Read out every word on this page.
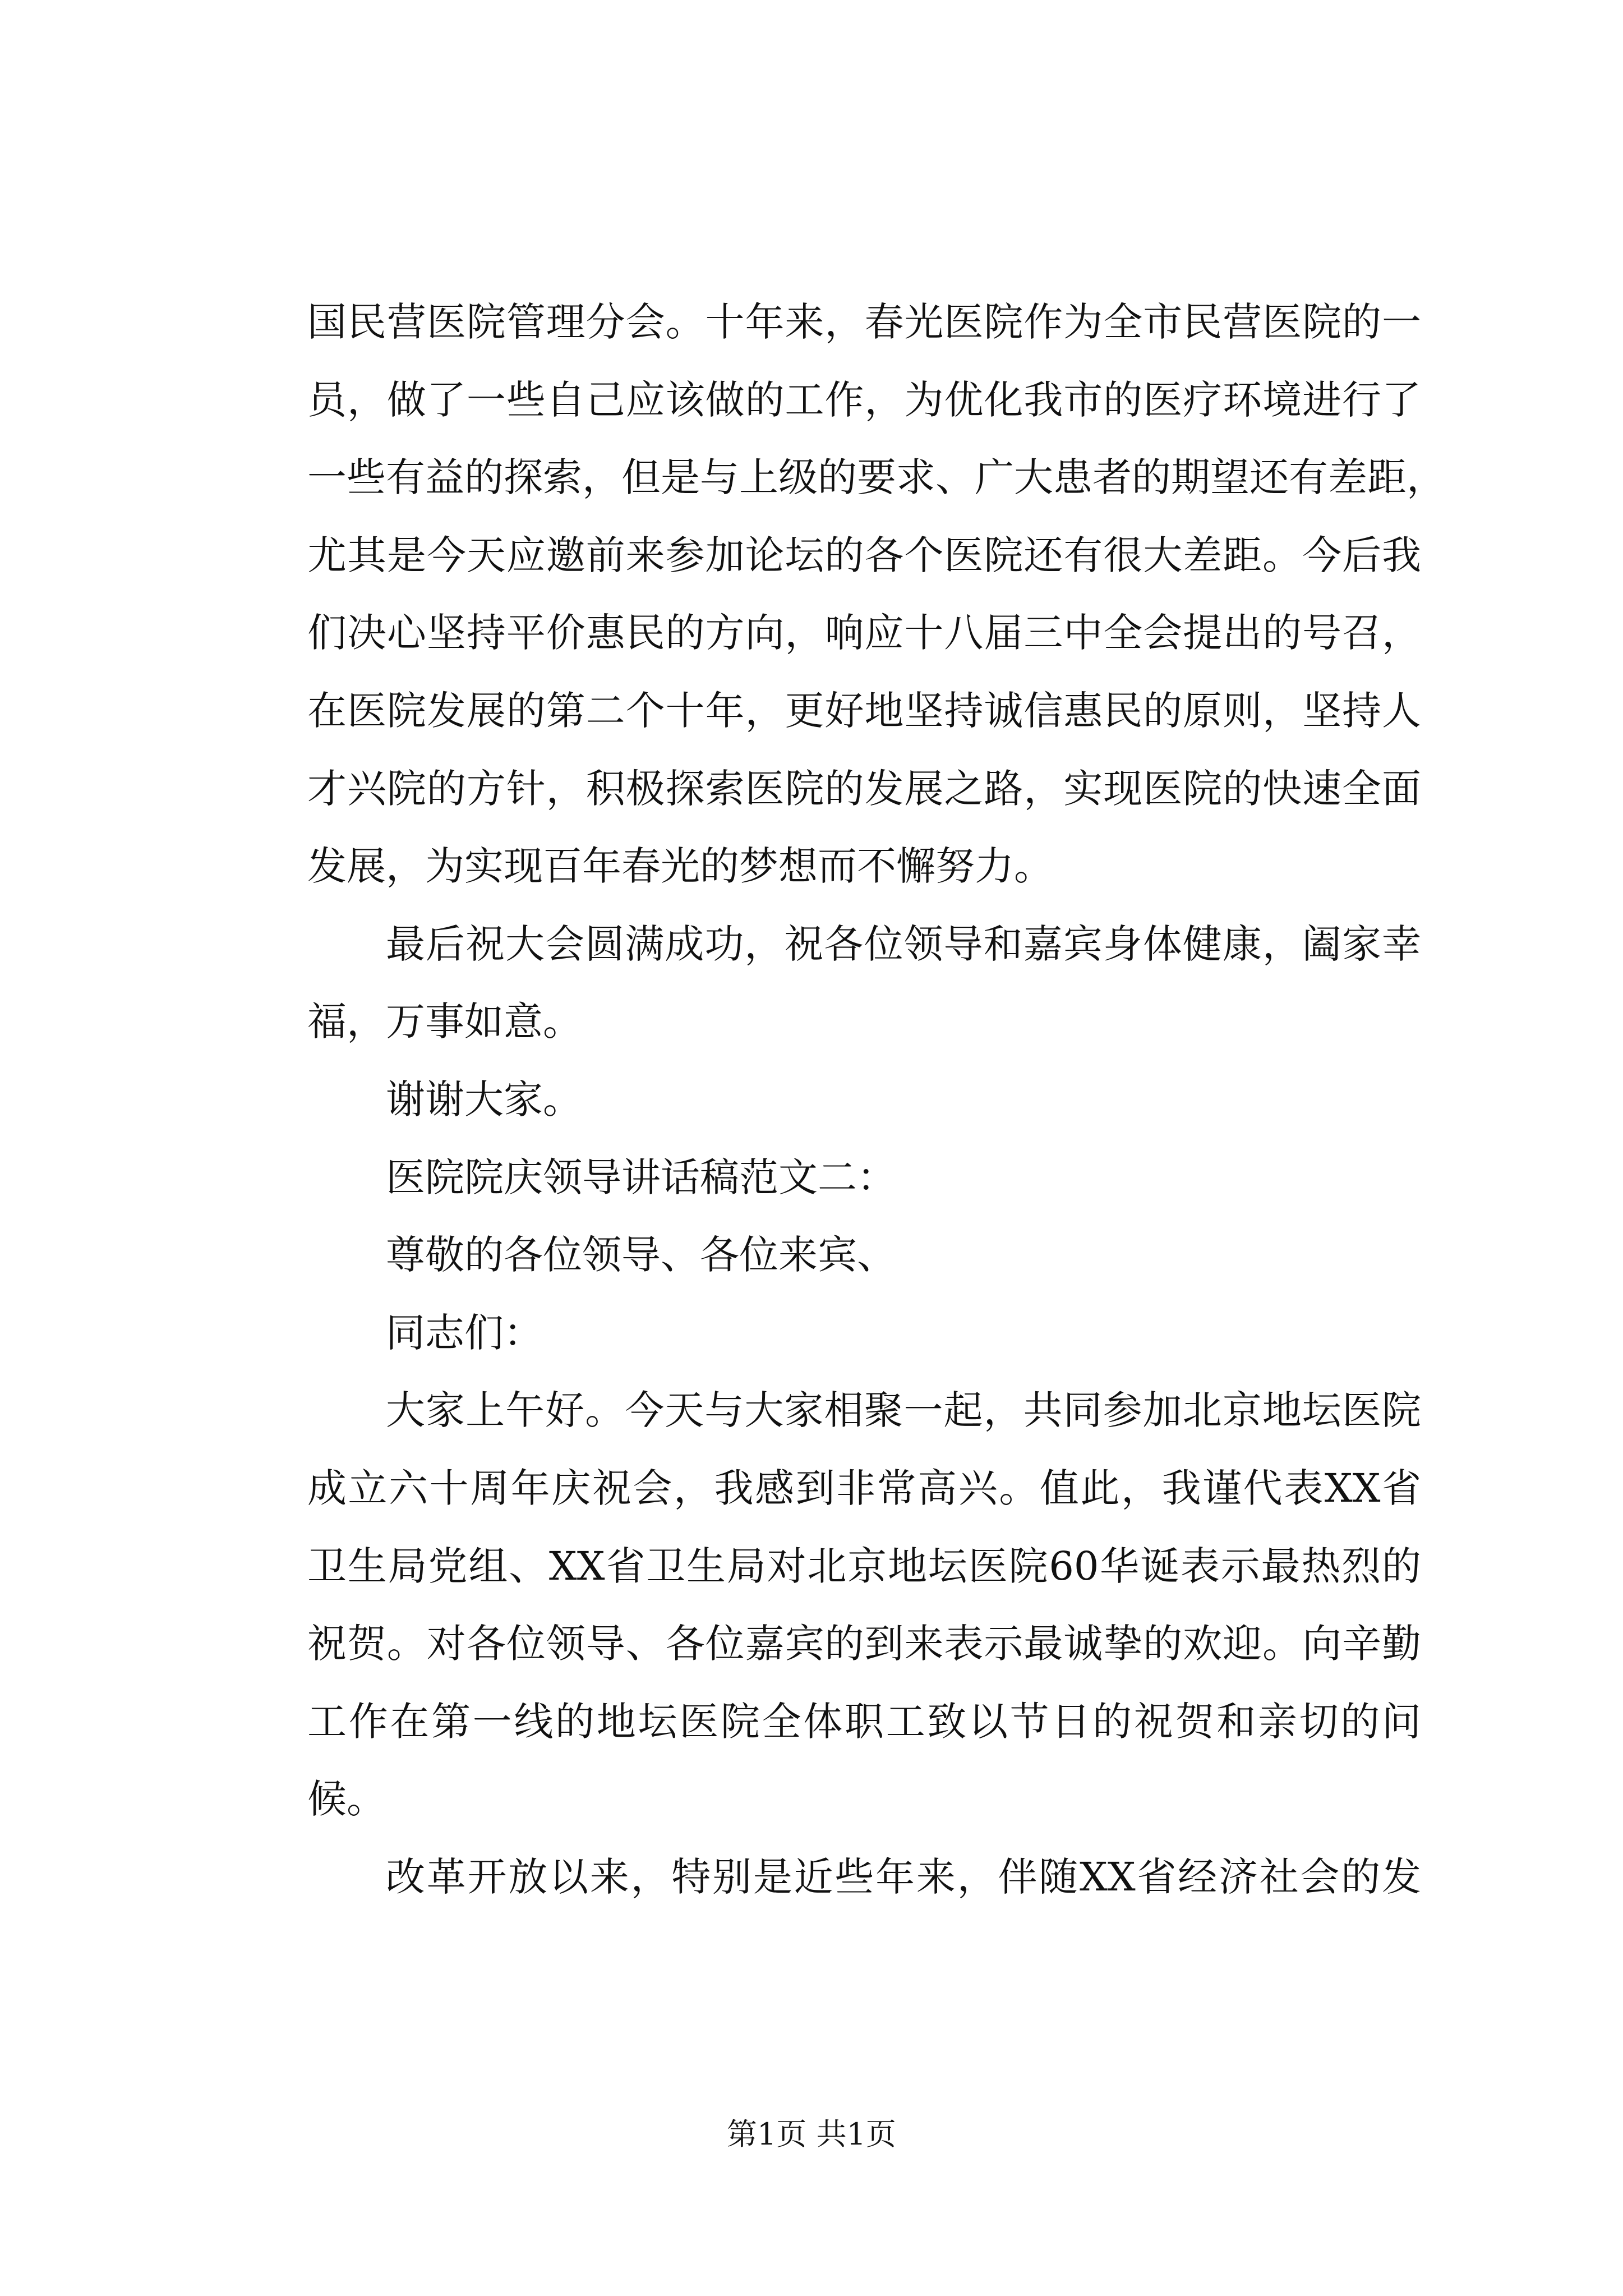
国民营医院管理分会。十年来，春光医院作为全市民营医院的一

员，做了一些自己应该做的工作，为优化我市的医疗环境进行了

一些有益的探索，但是与上级的要求、广大患者的期望还有差距，

尤其是今天应邀前来参加论坛的各个医院还有很大差距。今后我

们决心坚持平价惠民的方向，响应十八届三中全会提出的号召，

在医院发展的第二个十年，更好地坚持诚信惠民的原则，坚持人

才兴院的方针，积极探索医院的发展之路，实现医院的快速全面

发展，为实现百年春光的梦想而不懈努力。

最后祝大会圆满成功，祝各位领导和嘉宾身体健康，阖家幸

福，万事如意。

谢谢大家。

医院院庆领导讲话稿范文二：

尊敬的各位领导、各位来宾、

同志们：

大家上午好。今天与大家相聚一起，共同参加北京地坛医院

成立六十周年庆祝会，我感到非常高兴。值此，我谨代表XX省

卫生局党组、XX省卫生局对北京地坛医院60华诞表示最热烈的

祝贺。对各位领导、各位嘉宾的到来表示最诚挚的欢迎。向辛勤

工作在第一线的地坛医院全体职工致以节日的祝贺和亲切的问

候。

改革开放以来，特别是近些年来，伴随XX省经济社会的发

第1页 共1页
